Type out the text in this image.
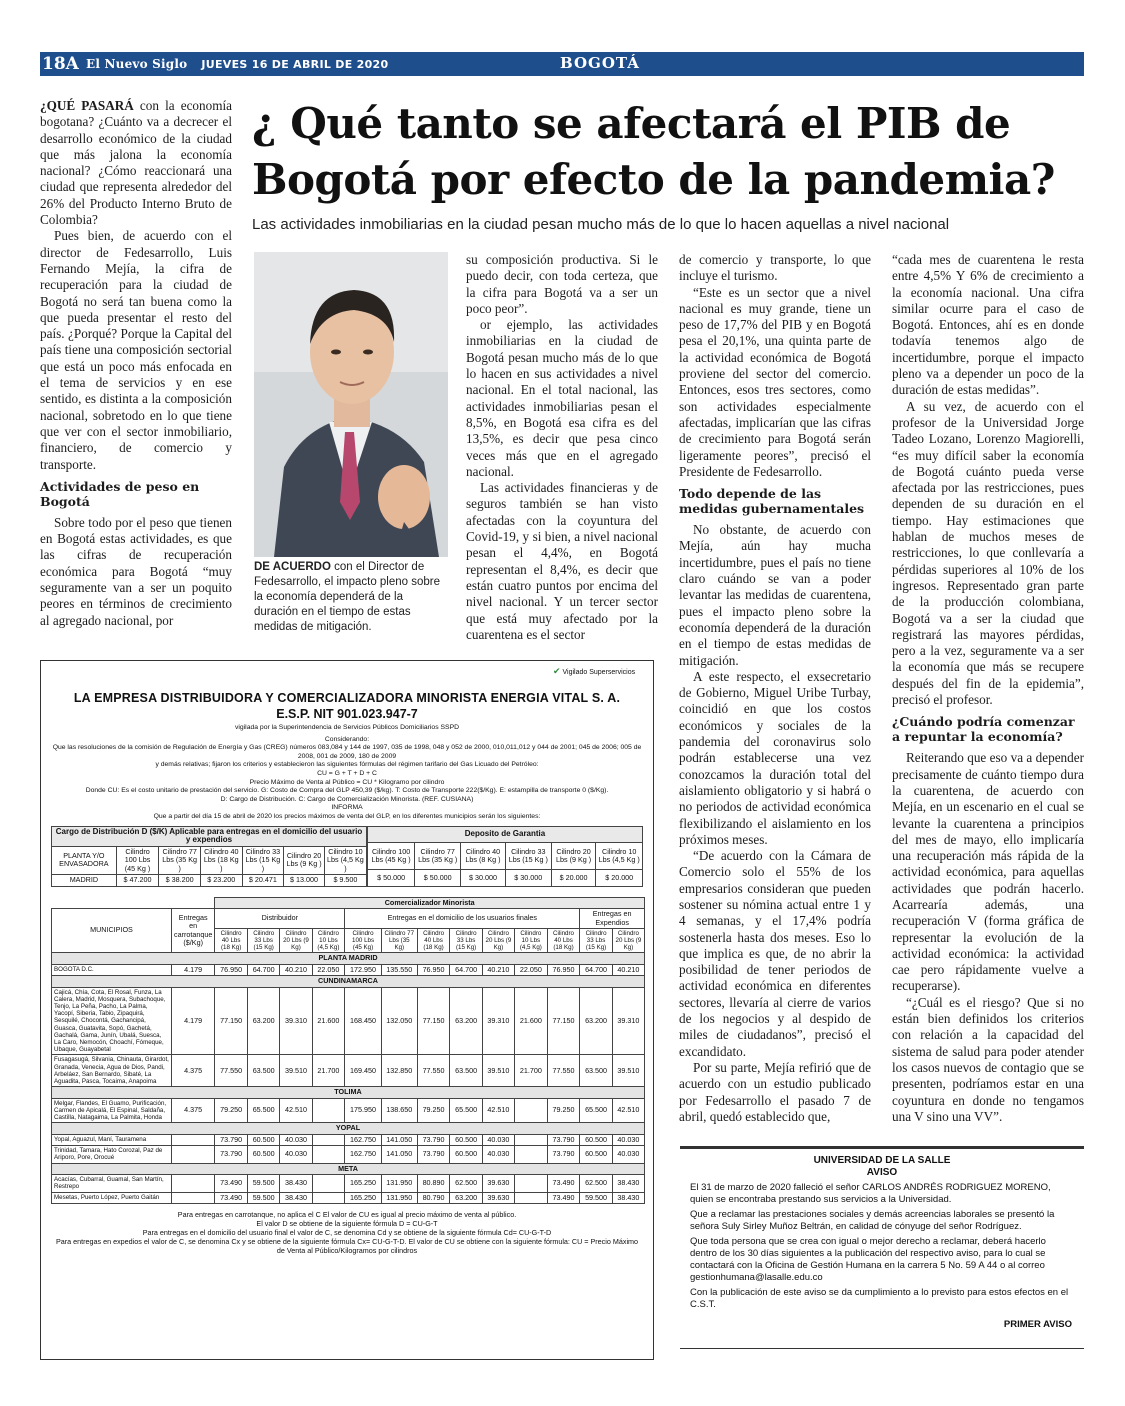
18A El Nuevo Siglo JUEVES 16 DE ABRIL DE 2020	BOGOTÁ
¿ Qué tanto se afectará el PIB de Bogotá por efecto de la pandemia?
Las actividades inmobiliarias en la ciudad pesan mucho más de lo que lo hacen aquellas a nivel nacional

¿QUÉ PASARÁ con la economía bogotana? ¿Cuánto va a decrecer el desarrollo económico de la ciudad que más jalona la economía nacional? ¿Cómo reaccionará una ciudad que representa alrededor del 26% del Producto Interno Bruto de Colombia?

Pues bien, de acuerdo con el director de Fedesarrollo, Luis Fernando Mejía, la cifra de recuperación para la ciudad de Bogotá no será tan buena como la que pueda presentar el resto del país. ¿Porqué? Porque la Capital del país tiene una composición sectorial que está un poco más enfocada en el tema de servicios y en ese sentido, es distinta a la composición nacional, sobretodo en lo que tiene que ver con el sector inmobiliario, financiero, de comercio y transporte.

Actividades de peso en Bogotá

Sobre todo por el peso que tienen en Bogotá estas actividades, es que las cifras de recuperación económica para Bogotá “muy seguramente van a ser un poquito peores en términos de crecimiento al agregado nacional, por

DE ACUERDO con el Director de Fedesarrollo, el impacto pleno sobre la economía dependerá de la duración en el tiempo de estas medidas de mitigación.

su composición productiva. Si le puedo decir, con toda certeza, que la cifra para Bogotá va a ser un poco peor”.

or ejemplo, las actividades inmobiliarias en la ciudad de Bogotá pesan mucho más de lo que lo hacen en sus actividades a nivel nacional. En el total nacional, las actividades inmobiliarias pesan el 8,5%, en Bogotá esa cifra es del 13,5%, es decir que pesa cinco veces más que en el agregado nacional.

Las actividades financieras y de seguros también se han visto afectadas con la coyuntura del Covid-19, y si bien, a nivel nacional pesan el 4,4%, en Bogotá representan el 8,4%, es decir que están cuatro puntos por encima del nivel nacional. Y un tercer sector que está muy afectado por la cuarentena es el sector

de comercio y transporte, lo que incluye el turismo.

“Este es un sector que a nivel nacional es muy grande, tiene un peso de 17,7% del PIB y en Bogotá pesa el 20,1%, una quinta parte de la actividad económica de Bogotá proviene del sector del comercio. Entonces, esos tres sectores, como son actividades especialmente afectadas, implicarían que las cifras de crecimiento para Bogotá serán ligeramente peores”, precisó el Presidente de Fedesarrollo.

Todo depende de las medidas gubernamentales

No obstante, de acuerdo con Mejía, aún hay mucha incertidumbre, pues el país no tiene claro cuándo se van a poder levantar las medidas de cuarentena, pues el impacto pleno sobre la economía dependerá de la duración en el tiempo de estas medidas de mitigación.

A este respecto, el exsecretario de Gobierno, Miguel Uribe Turbay, coincidió en que los costos económicos y sociales de la pandemia del coronavirus solo podrán establecerse una vez conozcamos la duración total del aislamiento obligatorio y si habrá o no periodos de actividad económica flexibilizando el aislamiento en los próximos meses.

“De acuerdo con la Cámara de Comercio solo el 55% de los empresarios consideran que pueden sostener su nómina actual entre 1 y 4 semanas, y el 17,4% podría sostenerla hasta dos meses. Eso lo que implica es que, de no abrir la posibilidad de tener periodos de actividad económica en diferentes sectores, llevaría al cierre de varios de los negocios y al despido de miles de ciudadanos”, precisó el excandidato.

Por su parte, Mejía refirió que de acuerdo con un estudio publicado por Fedesarrollo el pasado 7 de abril, quedó establecido que,

“cada mes de cuarentena le resta entre 4,5% Y 6% de crecimiento a la economía nacional. Una cifra similar ocurre para el caso de Bogotá. Entonces, ahí es en donde todavía tenemos algo de incertidumbre, porque el impacto pleno va a depender un poco de la duración de estas medidas”.

A su vez, de acuerdo con el profesor de la Universidad Jorge Tadeo Lozano, Lorenzo Magiorelli, “es muy difícil saber la economía de Bogotá cuánto pueda verse afectada por las restricciones, pues dependen de su duración en el tiempo. Hay estimaciones que hablan de muchos meses de restricciones, lo que conllevaría a pérdidas superiores al 10% de los ingresos. Representado gran parte de la producción colombiana, Bogotá va a ser la ciudad que registrará las mayores pérdidas, pero a la vez, seguramente va a ser la economía que más se recupere después del fin de la epidemia”, precisó el profesor.

¿Cuándo podría comenzar a repuntar la economía?

Reiterando que eso va a depender precisamente de cuánto tiempo dura la cuarentena, de acuerdo con Mejía, en un escenario en el cual se levante la cuarentena a principios del mes de mayo, ello implicaría una recuperación más rápida de la actividad económica, para aquellas actividades que podrán hacerlo. Acarrearía además, una recuperación V (forma gráfica de representar la evolución de la actividad económica: la actividad cae pero rápidamente vuelve a recuperarse).

“¿Cuál es el riesgo? Que si no están bien definidos los criterios con relación a la capacidad del sistema de salud para poder atender los casos nuevos de contagio que se presenten, podríamos estar en una coyuntura en donde no tengamos una V sino una VV”.

✔ Vigilado Superservicios
LA EMPRESA DISTRIBUIDORA Y COMERCIALIZADORA MINORISTA ENERGIA VITAL S. A.
E.S.P. NIT 901.023.947-7
vigilada por la Superintendencia de Servicios Públicos Domiciliarios SSPD
Considerando:
Que las resoluciones de la comisión de Regulación de Energía y Gas (CREG) números 083,084 y 144 de 1997, 035 de 1998, 048 y 052 de 2000, 010,011,012 y 044 de 2001; 045 de 2006; 005 de 2008, 001 de 2009, 180 de 2009
y demás relativas; fijaron los criterios y establecieron las siguientes fórmulas del régimen tarifario del Gas Licuado del Petróleo:
CU = G + T + D + C
Precio Máximo de Venta al Público = CU * Kilogramo por cilindro
Donde CU: Es el costo unitario de prestación del servicio. G: Costo de Compra del GLP 450,39 ($/kg). T: Costo de Transporte 222($/Kg). E: estampilla de transporte 0 ($/Kg).
D: Cargo de Distribución. C: Cargo de Comercialización Minorista. (REF. CUSIANA)
INFORMA
Que a partir del día 15 de abril de 2020 los precios máximos de venta del GLP, en los diferentes municipios serán los siguientes:
Cargo de Distribución D ($/K) Aplicable para entregas en el domicilio del usuario y expendios						
PLANTA Y/O ENVASADORA	Cilindro 100 Lbs (45 Kg )	Cilindro 77 Lbs (35 Kg )	Cilindro 40 Lbs (18 Kg )	Cilindro 33 Lbs (15 Kg )	Cilindro 20 Lbs (9 Kg )	Cilindro 10 Lbs (4,5 Kg )
MADRID	$ 47.200	$ 38.200	$ 23.200	$ 20.471	$ 13.000	$ 9.500
Deposito de Garantia					
Cilindro 100 Lbs (45 Kg )	Cilindro 77 Lbs (35 Kg )	Cilindro 40 Lbs (8 Kg )	Cilindro 33 Lbs (15 Kg )	Cilindro 20 Lbs (9 Kg )	Cilindro 10 Lbs (4,5 Kg )
$ 50.000	$ 50.000	$ 30.000	$ 30.000	$ 20.000	$ 20.000
		Comercializador Minorista												
MUNICIPIOS	Entregas en carrotanque ($/Kg)	Distribuidor				Entregas en el domicilio de los usuarios finales							Entregas en Expendios	
		Cilindro 40 Lbs (18 Kg)	Cilindro 33 Lbs (15 Kg)	Cilindro 20 Lbs (9 Kg)	Cilindro 10 Lbs (4,5 Kg)	Cilindro 100 Lbs (45 Kg)	Cilindro 77 Lbs (35 Kg)	Cilindro 40 Lbs (18 Kg)	Cilindro 33 Lbs (15 Kg)	Cilindro 20 Lbs (9 Kg)	Cilindro 10 Lbs (4,5 Kg)	Cilindro 40 Lbs (18 Kg)	Cilindro 33 Lbs (15 Kg)	Cilindro 20 Lbs (9 Kg)
PLANTA MADRID														
BOGOTA D.C.	4.179	76.950	64.700	40.210	22.050	172.950	135.550	76.950	64.700	40.210	22.050	76.950	64.700	40.210
CUNDINAMARCA														
Cajicá, Chía, Cota, El Rosal, Funza, La Calera, Madrid, Mosquera, Subachoque, Tenjo, La Peña, Pacho, La Palma, Yacopí, Siberia, Tabio, Zipaquirá, Sesquilé, Chocontá, Gachancipá, Guasca, Guatavita, Sopó, Gachetá, Gachalá, Gama, Junín, Ubalá, Suesca, La Caro, Nemocón, Choachí, Fómeque, Ubaque, Guayabetal	4.179	77.150	63.200	39.310	21.600	168.450	132.050	77.150	63.200	39.310	21.600	77.150	63.200	39.310
Fusagasugá, Silvania, Chinauta, Girardot, Granada, Venecia, Agua de Dios, Pandi, Arbeláez, San Bernardo, Sibaté, La Aguadita, Pasca, Tocaima, Anapoima	4.375	77.550	63.500	39.510	21.700	169.450	132.850	77.550	63.500	39.510	21.700	77.550	63.500	39.510
TOLIMA														
Melgar, Flandes, El Guamo, Purificación, Carmen de Apicalá, El Espinal, Saldaña, Castilla, Natagaima, La Palmita, Honda	4.375	79.250	65.500	42.510		175.950	138.650	79.250	65.500	42.510		79.250	65.500	42.510
YOPAL														
Yopal, Aguazul, Maní, Tauramena		73.790	60.500	40.030		162.750	141.050	73.790	60.500	40.030		73.790	60.500	40.030
Trinidad, Tamara, Hato Corozal, Paz de Ariporo, Pore, Orocué		73.790	60.500	40.030		162.750	141.050	73.790	60.500	40.030		73.790	60.500	40.030
META														
Acacías, Cubarral, Guamal, San Martín, Restrepo		73.490	59.500	38.430		165.250	131.950	80.890	62.500	39.630		73.490	62.500	38.430
Mesetas, Puerto López, Puerto Gaitán		73.490	59.500	38.430		165.250	131.950	80.790	63.200	39.630		73.490	59.500	38.430
Para entregas en carrotanque, no aplica el C El valor de CU es igual al precio máximo de venta al público.
El valor D se obtiene de la siguiente fórmula D = CU-G-T
Para entregas en el domicilio del usuario final el valor de C, se denomina Cd y se obtiene de la siguiente fórmula Cd= CU-G-T-D
Para entregas en expedios el valor de C, se denomina Cx y se obtiene de la siguiente fórmula Cx= CU-G-T-D. El valor de CU se obtiene con la siguiente fórmula: CU = Precio Máximo de Venta al Público/Kilogramos por cilindros
UNIVERSIDAD DE LA SALLE
AVISO

El 31 de marzo de 2020 falleció el señor CARLOS ANDRÉS RODRIGUEZ MORENO, quien se encontraba prestando sus servicios a la Universidad.

Que a reclamar las prestaciones sociales y demás acreencias laborales se presentó la señora Suly Sirley Muñoz Beltrán, en calidad de cónyuge del señor Rodríguez.

Que toda persona que se crea con igual o mejor derecho a reclamar, deberá hacerlo dentro de los 30 días siguientes a la publicación del respectivo aviso, para lo cual se contactará con la Oficina de Gestión Humana en la carrera 5 No. 59 A 44 o al correo gestionhumana@lasalle.edu.co

Con la publicación de este aviso se da cumplimiento a lo previsto para estos efectos en el C.S.T.

PRIMER AVISO
